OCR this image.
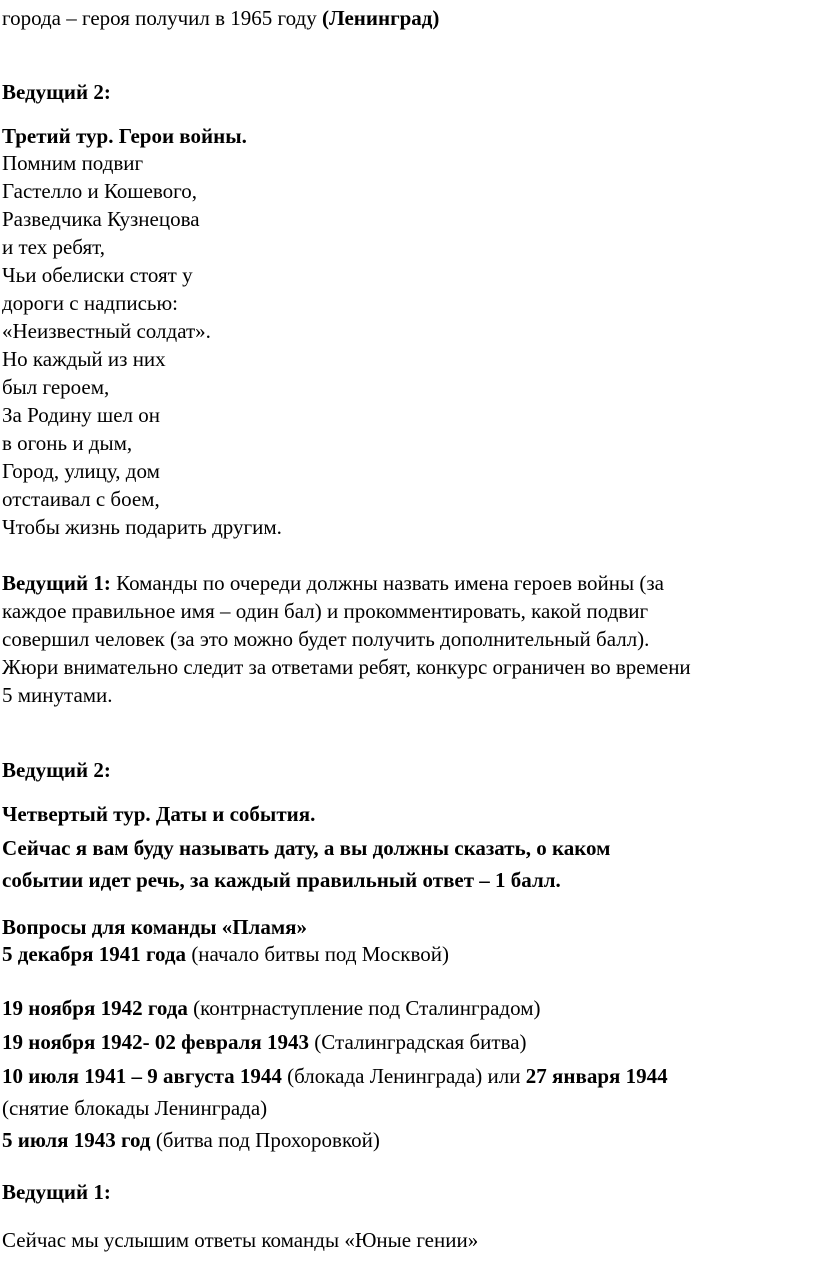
города – героя получил в 1965 году (Ленинград)
Ведущий 2:
Третий тур. Герои войны.
Помним подвиг
Гастелло и Кошевого,
Разведчика Кузнецова
и тех ребят,
Чьи обелиски стоят у
дороги с надписью:
«Неизвестный солдат».
Но каждый из них
был героем,
За Родину шел он
в огонь и дым,
Город, улицу, дом
отстаивал с боем,
Чтобы жизнь подарить другим.
Ведущий 1: Команды по очереди должны назвать имена героев войны (за
каждое правильное имя – один бал) и прокомментировать, какой подвиг
совершил человек (за это можно будет получить дополнительный балл).
Жюри внимательно следит за ответами ребят, конкурс ограничен во времени
5 минутами.
Ведущий 2:
Четвертый тур. Даты и события.
Сейчас я вам буду называть дату, а вы должны сказать, о каком
событии идет речь, за каждый правильный ответ – 1 балл.
Вопросы для команды «Пламя»
5 декабря 1941 года (начало битвы под Москвой)
19 ноября 1942 года (контрнаступление под Сталинградом)
19 ноября 1942- 02 февраля 1943 (Сталинградская битва)
10 июля 1941 – 9 августа 1944 (блокада Ленинграда) или 27 января 1944
(снятие блокады Ленинграда)
5 июля 1943 год (битва под Прохоровкой)
Ведущий 1:
Сейчас мы услышим ответы команды «Юные гении»
